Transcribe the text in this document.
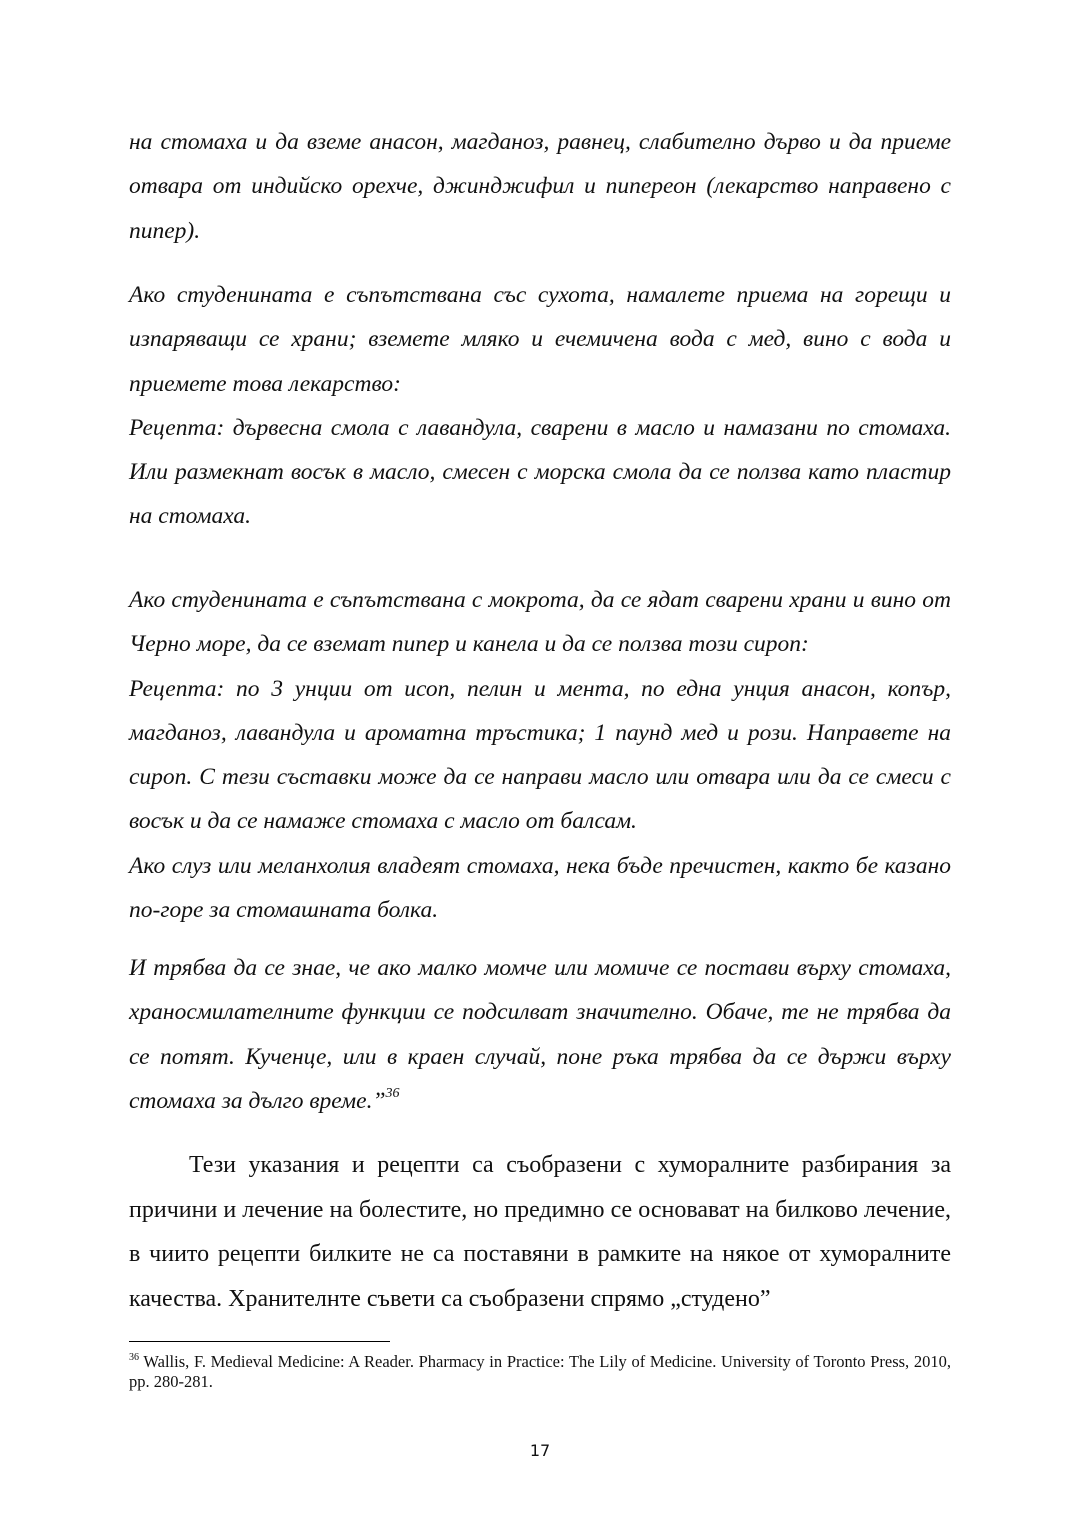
на стомаха и да вземе анасон, магданоз, равнец, слабително дърво и да приеме отвара от индийско орехче, джинджифил и пипереон (лекарство направено с пипер).

Ако студенината е съпътствана със сухота, намалете приема на горещи и изпаряващи се храни; вземете мляко и ечемичена вода с мед, вино с вода и приемете това лекарство:

Рецепта: дървесна смола с лавандула, сварени в масло и намазани по стомаха. Или размекнат восък в масло, смесен с морска смола да се ползва като пластир на стомаха.

Ако студенината е съпътствана с мокрота, да се ядат сварени храни и вино от Черно море, да се вземат пипер и канела и да се ползва този сироп:

Рецепта: по 3 унции от исоп, пелин и мента, по една унция анасон, копър, магданоз, лавандула и ароматна тръстика; 1 паунд мед и рози. Направете на сироп. С тези съставки може да се направи масло или отвара или да се смеси с восък и да се намаже стомаха с масло от балсам.

Ако слуз или меланхолия владеят стомаха, нека бъде пречистен, както бе казано по-горе за стомашната болка.

И трябва да се знае, че ако малко момче или момиче се постави върху стомаха, храносмилателните функции се подсилват значително. Обаче, те не трябва да се потят. Кученце, или в краен случай, поне ръка трябва да се държи върху стомаха за дълго време.”$^{36}$

Тези указания и рецепти са съобразени с хуморалните разбирания за причини и лечение на болестите, но предимно се основават на билково лечение, в чиито рецепти билките не са поставяни в рамките на някое от хуморалните качества. Хранителнте съвети са съобразени спрямо „студено”

$^{36}$ Wallis, F. Medieval Medicine: A Reader. Pharmacy in Practice: The Lily of Medicine. University of Toronto Press, 2010, pp. 280-281.
17
